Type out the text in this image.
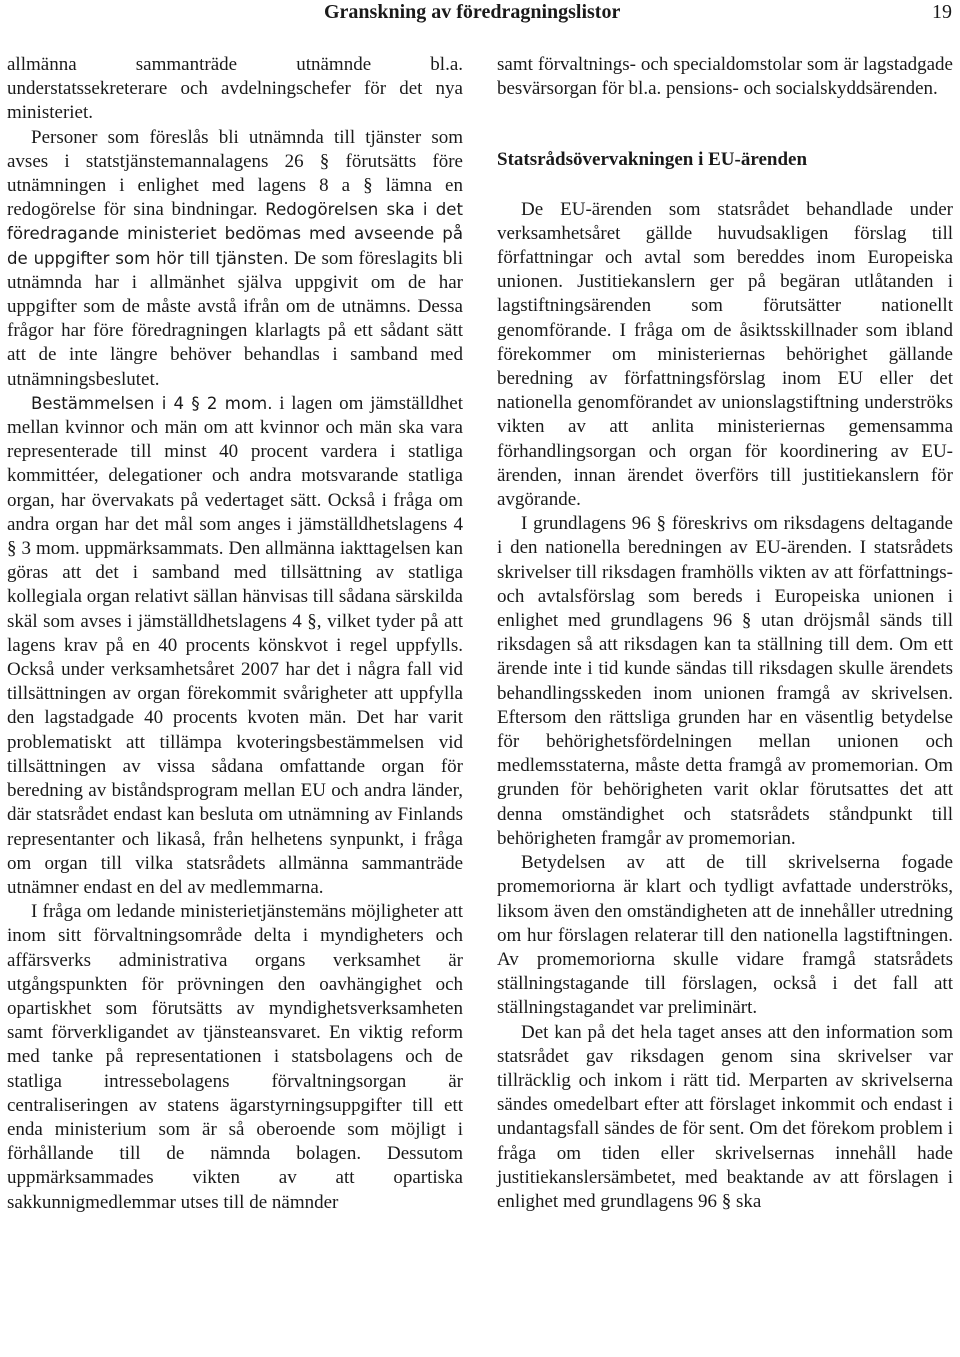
Granskning av föredragningslistor	19

allmänna sammanträde utnämnde bl.a. understatssekreterare och avdelningschefer för det nya ministeriet.

Personer som föreslås bli utnämnda till tjänster som avses i statstjänstemannalagens 26 § förutsätts före utnämningen i enlighet med lagens 8 a § lämna en redogörelse för sina bindningar. Redogörelsen ska i det föredragande ministeriet bedömas med avseende på de uppgifter som hör till tjänsten. De som föreslagits bli utnämnda har i allmänhet själva uppgivit om de har uppgifter som de måste avstå ifrån om de utnämns. Dessa frågor har före föredragningen klarlagts på ett sådant sätt att de inte längre behöver behandlas i samband med utnämningsbeslutet.

Bestämmelsen i 4 § 2 mom. i lagen om jämställdhet mellan kvinnor och män om att kvinnor och män ska vara representerade till minst 40 procent vardera i statliga kommittéer, delegationer och andra motsvarande statliga organ, har övervakats på vedertaget sätt. Också i fråga om andra organ har det mål som anges i jämställdhetslagens 4 § 3 mom. uppmärksammats. Den allmänna iakttagelsen kan göras att det i samband med tillsättning av statliga kollegiala organ relativt sällan hänvisas till sådana särskilda skäl som avses i jämställdhetslagens 4 §, vilket tyder på att lagens krav på en 40 procents könskvot i regel uppfylls. Också under verksamhetsåret 2007 har det i några fall vid tillsättningen av organ förekommit svårigheter att uppfylla den lagstadgade 40 procents kvoten män. Det har varit problematiskt att tillämpa kvoteringsbestämmelsen vid tillsättningen av vissa sådana omfattande organ för beredning av biståndsprogram mellan EU och andra länder, där statsrådet endast kan besluta om utnämning av Finlands representanter och likaså, från helhetens synpunkt, i fråga om organ till vilka statsrådets allmänna sammanträde utnämner endast en del av medlemmarna.

I fråga om ledande ministerietjänstemäns möjligheter att inom sitt förvaltningsområde delta i myndigheters och affärsverks administrativa organs verksamhet är utgångspunkten för prövningen den oavhängighet och opartiskhet som förutsätts av myndighetsverksamheten samt förverkligandet av tjänsteansvaret. En viktig reform med tanke på representationen i statsbolagens och de statliga intressebolagens förvaltningsorgan är centraliseringen av statens ägarstyrningsuppgifter till ett enda ministerium som är så oberoende som möjligt i förhållande till de nämnda bolagen. Dessutom uppmärksammades vikten av att opartiska sakkunnigmedlemmar utses till de nämnder

samt förvaltnings- och specialdomstolar som är lagstadgade besvärsorgan för bl.a. pensions- och socialskyddsärenden.

Statsrådsövervakningen i EU-ärenden

De EU-ärenden som statsrådet behandlade under verksamhetsåret gällde huvudsakligen förslag till författningar och avtal som bereddes inom Europeiska unionen. Justitiekanslern ger på begäran utlåtanden i lagstiftningsärenden som förutsätter nationellt genomförande. I fråga om de åsiktsskillnader som ibland förekommer om ministeriernas behörighet gällande beredning av författningsförslag inom EU eller det nationella genomförandet av unionslagstiftning underströks vikten av att anlita ministeriernas gemensamma förhandlingsorgan och organ för koordinering av EU-ärenden, innan ärendet överförs till justitiekanslern för avgörande.

I grundlagens 96 § föreskrivs om riksdagens deltagande i den nationella beredningen av EU-ärenden. I statsrådets skrivelser till riksdagen framhölls vikten av att författnings- och avtalsförslag som bereds i Europeiska unionen i enlighet med grundlagens 96 § utan dröjsmål sänds till riksdagen så att riksdagen kan ta ställning till dem. Om ett ärende inte i tid kunde sändas till riksdagen skulle ärendets behandlingsskeden inom unionen framgå av skrivelsen. Eftersom den rättsliga grunden har en väsentlig betydelse för behörighetsfördelningen mellan unionen och medlemsstaterna, måste detta framgå av promemorian. Om grunden för behörigheten varit oklar förutsattes det att denna omständighet och statsrådets ståndpunkt till behörigheten framgår av promemorian.

Betydelsen av att de till skrivelserna fogade promemoriorna är klart och tydligt avfattade underströks, liksom även den omständigheten att de innehåller utredning om hur förslagen relaterar till den nationella lagstiftningen. Av promemoriorna skulle vidare framgå statsrådets ställningstagande till förslagen, också i det fall att ställningstagandet var preliminärt.

Det kan på det hela taget anses att den information som statsrådet gav riksdagen genom sina skrivelser var tillräcklig och inkom i rätt tid. Merparten av skrivelserna sändes omedelbart efter att förslaget inkommit och endast i undantagsfall sändes de för sent. Om det förekom problem i fråga om tiden eller skrivelsernas innehåll hade justitiekanslersämbetet, med beaktande av att förslagen i enlighet med grundlagens 96 § ska
